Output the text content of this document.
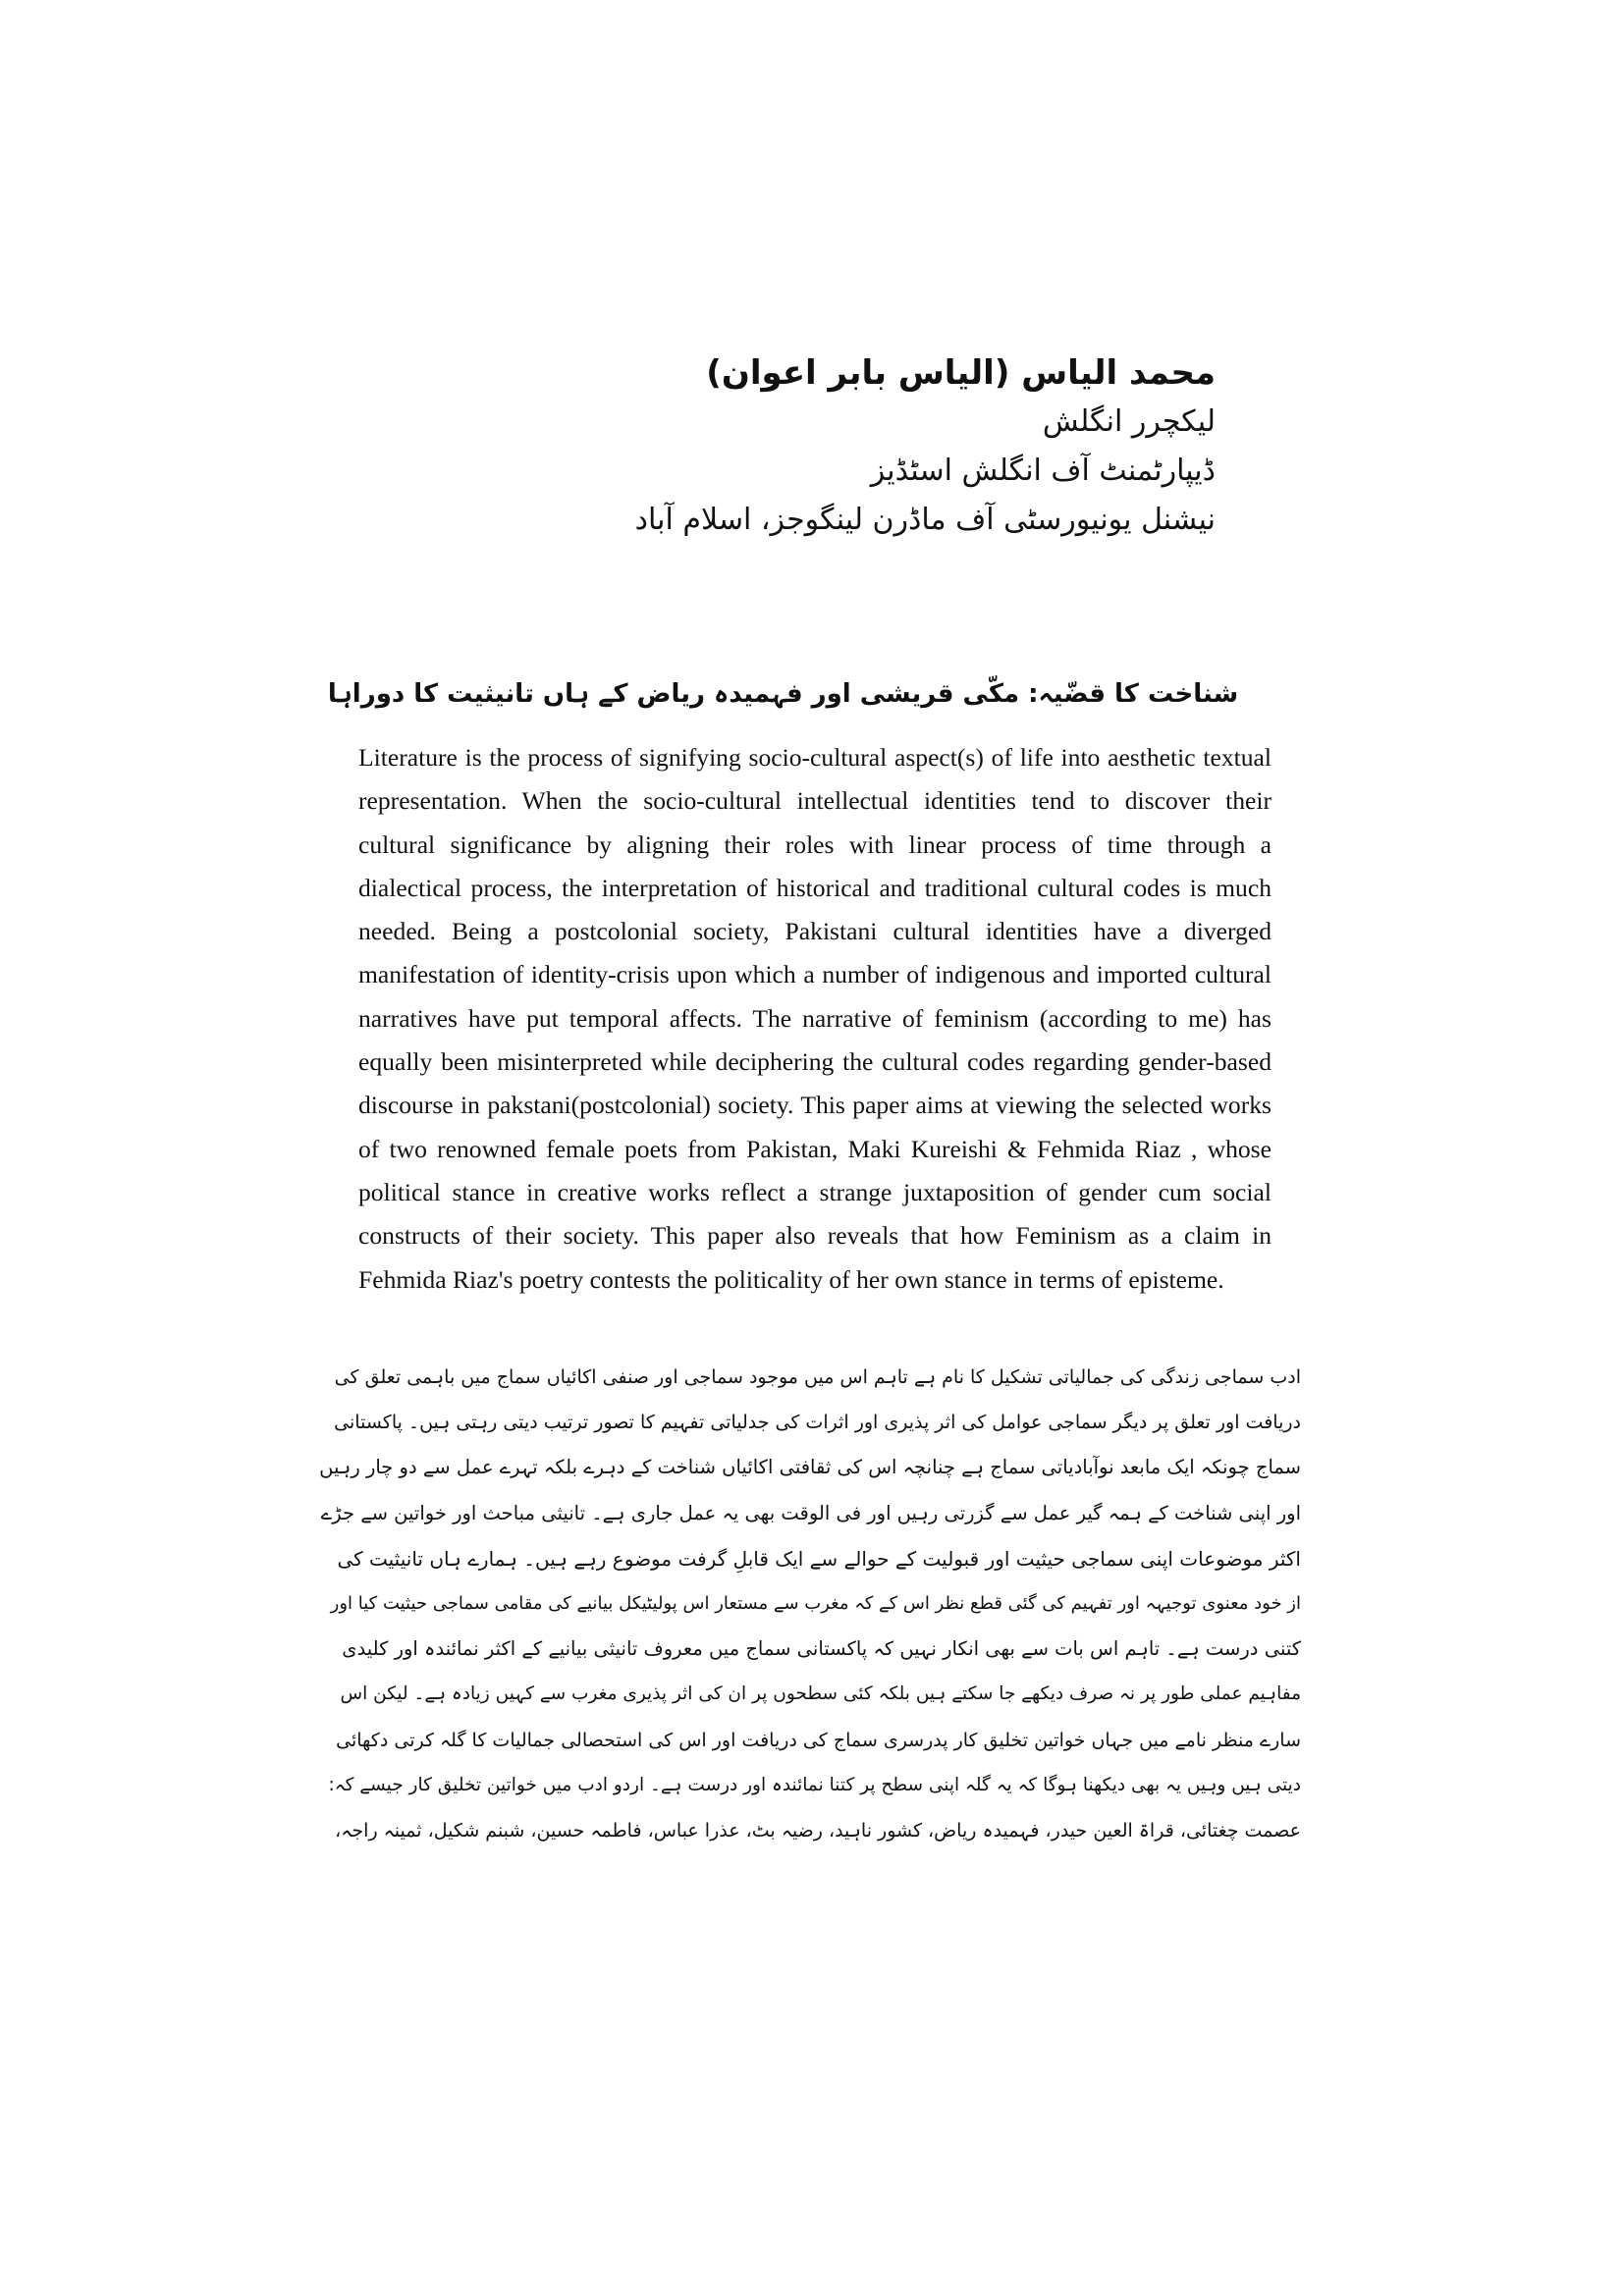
محمد الیاس (الیاس بابر اعوان)

لیکچرر انگلش

ڈیپارٹمنٹ آف انگلش اسٹڈیز

نیشنل یونیورسٹی آف ماڈرن لینگوجز، اسلام آباد

شناخت کا قضّیہ: مکّی قریشی اور فہمیدہ ریاض کے ہاں تانیثیت کا دوراہا

Literature is the process of signifying socio-cultural aspect(s) of life into aesthetic textual representation. When the socio-cultural intellectual identities tend to discover their cultural significance by aligning their roles with linear process of time through a dialectical process, the interpretation of historical and traditional cultural codes is much needed. Being a postcolonial society, Pakistani cultural identities have a diverged manifestation of identity-crisis upon which a number of indigenous and imported cultural narratives have put temporal affects. The narrative of feminism (according to me) has equally been misinterpreted while deciphering the cultural codes regarding gender-based discourse in pakstani(postcolonial) society. This paper aims at viewing the selected works of two renowned female poets from Pakistan, Maki Kureishi & Fehmida Riaz , whose political stance in creative works reflect a strange juxtaposition of gender cum social constructs of their society. This paper also reveals that how Feminism as a claim in Fehmida Riaz's poetry contests the politicality of her own stance in terms of episteme.

ادب سماجی زندگی کی جمالیاتی تشکیل کا نام ہے تاہم اس میں موجود سماجی اور صنفی اکائیاں سماج میں باہمی تعلق کی

دریافت اور تعلق پر دیگر سماجی عوامل کی اثر پذیری اور اثرات کی جدلیاتی تفہیم کا تصور ترتیب دیتی رہتی ہیں۔ پاکستانی

سماج چونکہ ایک مابعد نوآبادیاتی سماج ہے چنانچہ اس کی ثقافتی اکائیاں شناخت کے دہرے بلکہ تہرے عمل سے دو چار رہیں

اور اپنی شناخت کے ہمہ گیر عمل سے گزرتی رہیں اور فی الوقت بھی یہ عمل جاری ہے۔ تانیثی مباحث اور خواتین سے جڑے

اکثر موضوعات اپنی سماجی حیثیت اور قبولیت کے حوالے سے ایک قابلِ گرفت موضوع رہے ہیں۔ ہمارے ہاں تانیثیت کی

از خود معنوی توجیہہ اور تفہیم کی گئی قطع نظر اس کے کہ مغرب سے مستعار اس پولیٹیکل بیانیے کی مقامی سماجی حیثیت کیا اور

کتنی درست ہے۔ تاہم اس بات سے بھی انکار نہیں کہ پاکستانی سماج میں معروف تانیثی بیانیے کے اکثر نمائندہ اور کلیدی

مفاہیم عملی طور پر نہ صرف دیکھے جا سکتے ہیں بلکہ کئی سطحوں پر ان کی اثر پذیری مغرب سے کہیں زیادہ ہے۔ لیکن اس

سارے منظر نامے میں جہاں خواتین تخلیق کار پدرسری سماج کی دریافت اور اس کی استحصالی جمالیات کا گلہ کرتی دکھائی

دیتی ہیں وہیں یہ بھی دیکھنا ہوگا کہ یہ گلہ اپنی سطح پر کتنا نمائندہ اور درست ہے۔ اردو ادب میں خواتین تخلیق کار جیسے کہ:

عصمت چغتائی، قراۃ العین حیدر، فہمیدہ ریاض، کشور ناہید، رضیہ بٹ، عذرا عباس، فاطمہ حسین، شبنم شکیل، ثمینہ راجہ،
